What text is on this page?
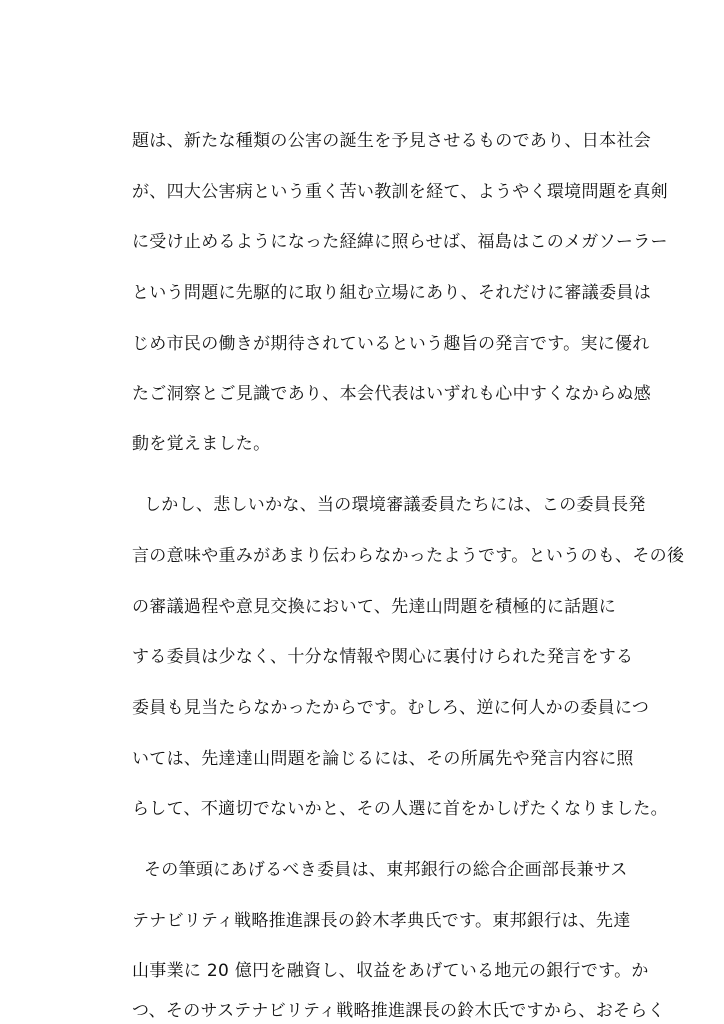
題は、新たな種類の公害の誕生を予見させるものであり、日本社会
が、四大公害病という重く苦い教訓を経て、ようやく環境問題を真剣
に受け止めるようになった経緯に照らせば、福島はこのメガソーラー
という問題に先駆的に取り組む立場にあり、それだけに審議委員は
じめ市民の働きが期待されているという趣旨の発言です。実に優れ
たご洞察とご見識であり、本会代表はいずれも心中すくなからぬ感
動を覚えました。
しかし、悲しいかな、当の環境審議委員たちには、この委員長発
言の意味や重みがあまり伝わらなかったようです。というのも、その後
の審議過程や意見交換において、先達山問題を積極的に話題に
する委員は少なく、十分な情報や関心に裏付けられた発言をする
委員も見当たらなかったからです。むしろ、逆に何人かの委員につ
いては、先達達山問題を論じるには、その所属先や発言内容に照
らして、不適切でないかと、その人選に首をかしげたくなりました。
その筆頭にあげるべき委員は、東邦銀行の総合企画部長兼サス
テナビリティ戦略推進課長の鈴木孝典氏です。東邦銀行は、先達
山事業に 20 億円を融資し、収益をあげている地元の銀行です。か
つ、そのサステナビリティ戦略推進課長の鈴木氏ですから、おそらく
